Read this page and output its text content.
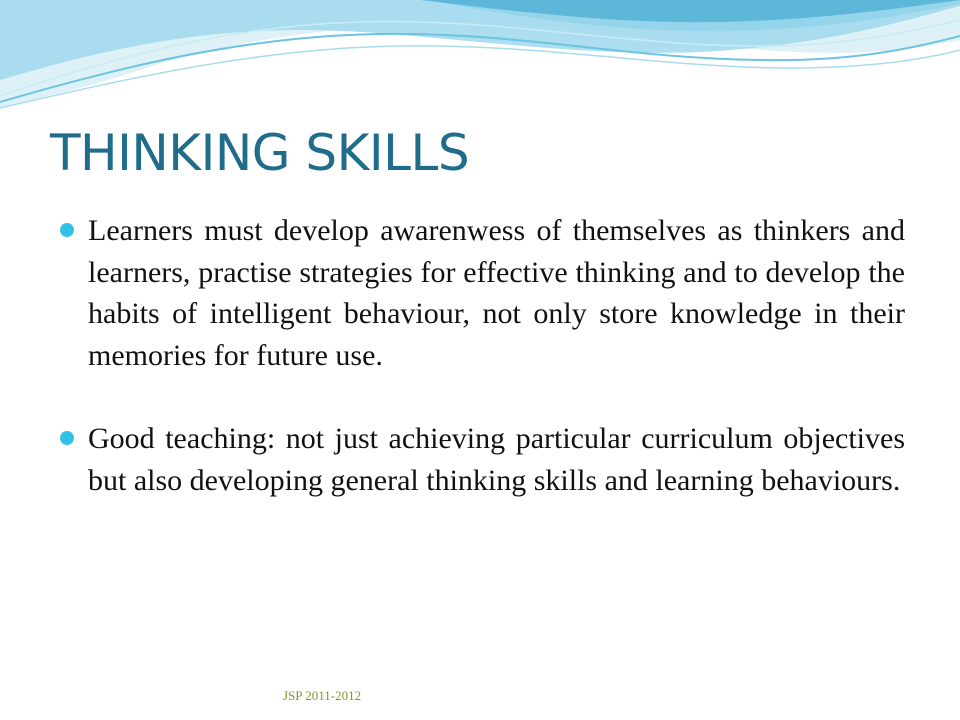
THINKING SKILLS
Learners must develop awarenwess of themselves as thinkers and learners, practise strategies for effective thinking and to develop the habits of intelligent behaviour, not only store knowledge in their memories for future use.
Good teaching: not just achieving particular curriculum objectives but also developing general thinking skills and learning behaviours.
JSP 2011-2012
